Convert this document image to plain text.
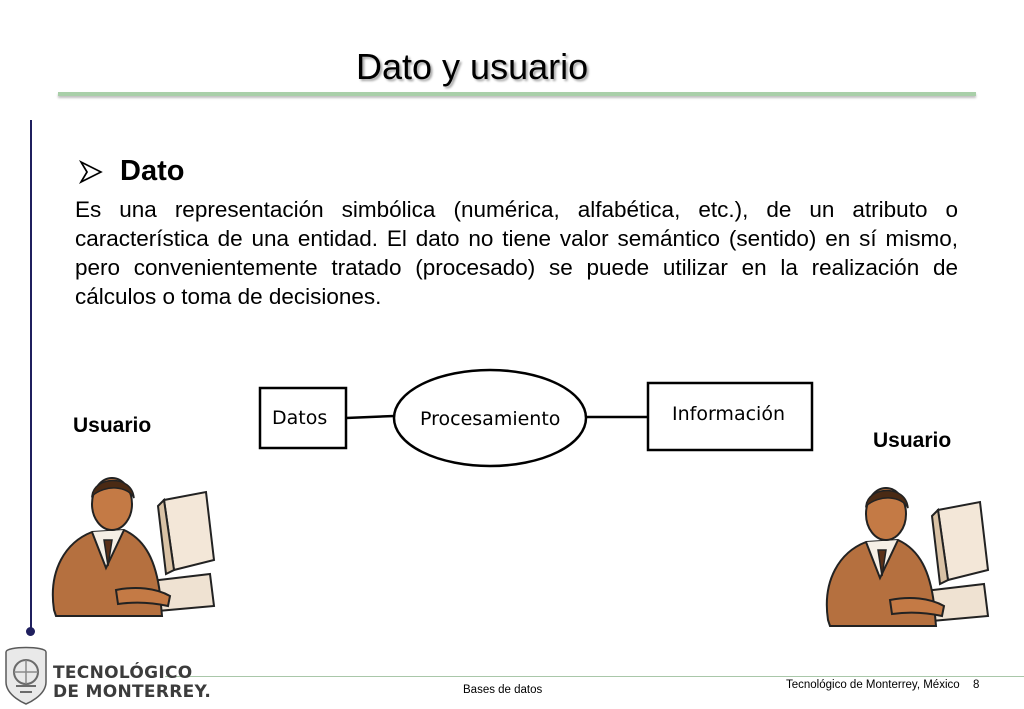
Dato y usuario
Dato
Es una representación simbólica (numérica, alfabética, etc.), de un atributo o característica de una entidad. El dato no tiene valor semántico (sentido) en sí mismo, pero convenientemente tratado (procesado) se puede utilizar en la realización de cálculos o toma de decisiones.
Datos	Procesamiento	Información
Usuario
Usuario
TECNOLÓGICO
DE MONTERREY.	Bases de datos	Tecnológico de Monterrey, México 8
